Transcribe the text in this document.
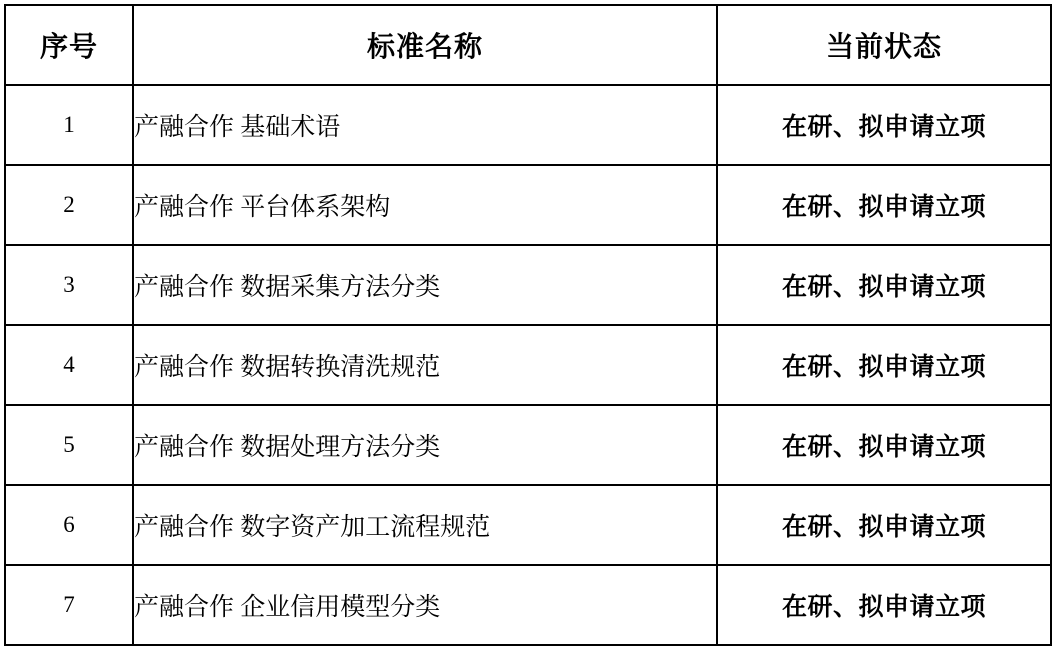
序号	标准名称	当前状态
1	产融合作 基础术语	在研、拟申请立项
2	产融合作 平台体系架构	在研、拟申请立项
3	产融合作 数据采集方法分类	在研、拟申请立项
4	产融合作 数据转换清洗规范	在研、拟申请立项
5	产融合作 数据处理方法分类	在研、拟申请立项
6	产融合作 数字资产加工流程规范	在研、拟申请立项
7	产融合作 企业信用模型分类	在研、拟申请立项
